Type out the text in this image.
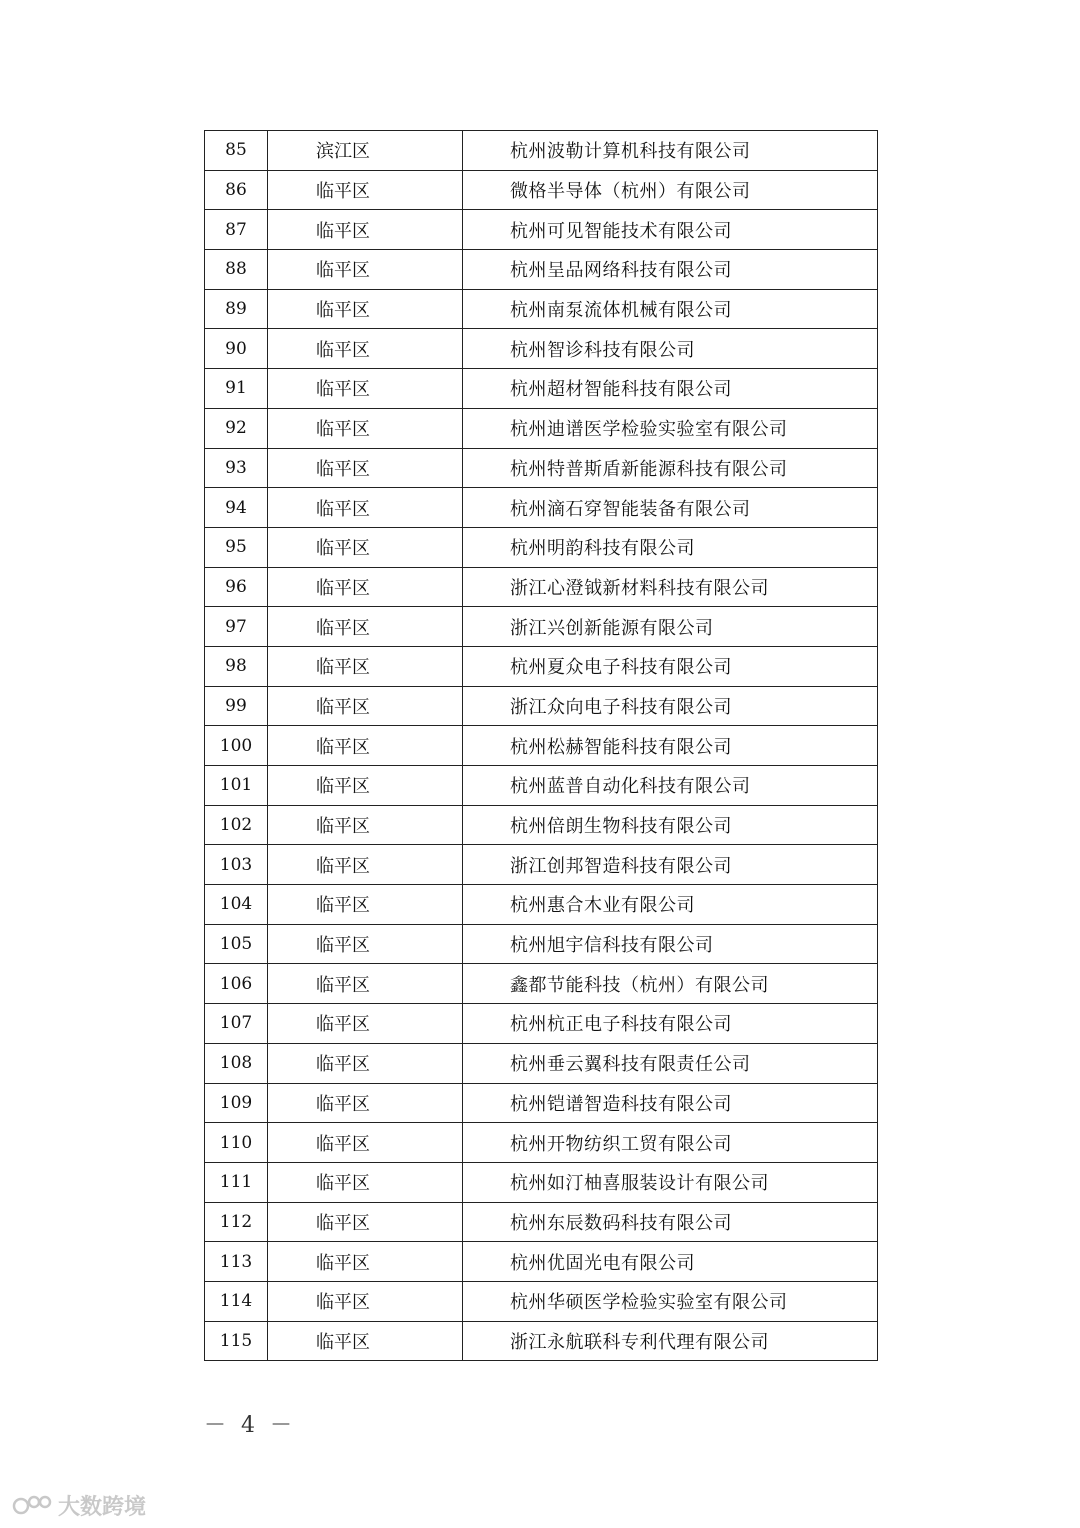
85	滨江区	杭州波勒计算机科技有限公司
86	临平区	微格半导体（杭州）有限公司
87	临平区	杭州可见智能技术有限公司
88	临平区	杭州呈品网络科技有限公司
89	临平区	杭州南泵流体机械有限公司
90	临平区	杭州智诊科技有限公司
91	临平区	杭州超材智能科技有限公司
92	临平区	杭州迪谱医学检验实验室有限公司
93	临平区	杭州特普斯盾新能源科技有限公司
94	临平区	杭州滴石穿智能装备有限公司
95	临平区	杭州明韵科技有限公司
96	临平区	浙江心澄钺新材料科技有限公司
97	临平区	浙江兴创新能源有限公司
98	临平区	杭州夏众电子科技有限公司
99	临平区	浙江众向电子科技有限公司
100	临平区	杭州松赫智能科技有限公司
101	临平区	杭州蓝普自动化科技有限公司
102	临平区	杭州倍朗生物科技有限公司
103	临平区	浙江创邦智造科技有限公司
104	临平区	杭州惠合木业有限公司
105	临平区	杭州旭宇信科技有限公司
106	临平区	鑫都节能科技（杭州）有限公司
107	临平区	杭州杭正电子科技有限公司
108	临平区	杭州垂云翼科技有限责任公司
109	临平区	杭州铠谱智造科技有限公司
110	临平区	杭州开物纺织工贸有限公司
111	临平区	杭州如汀柚喜服装设计有限公司
112	临平区	杭州东辰数码科技有限公司
113	临平区	杭州优固光电有限公司
114	临平区	杭州华硕医学检验实验室有限公司
115	临平区	浙江永航联科专利代理有限公司
－ 4 －
大数跨境
